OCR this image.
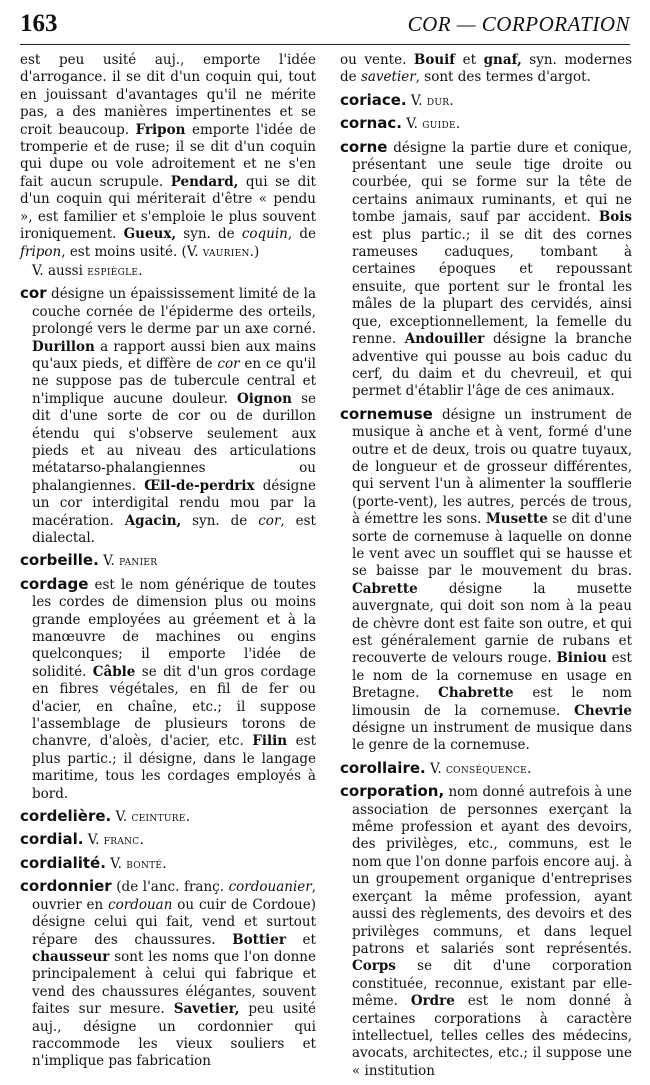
163	COR — CORPORATION

est peu usité auj., emporte l'idée d'arrogance. il se dit d'un coquin qui, tout en jouissant d'avantages qu'il ne mérite pas, a des manières impertinentes et se croit beaucoup. Fripon emporte l'idée de tromperie et de ruse; il se dit d'un coquin qui dupe ou vole adroitement et ne s'en fait aucun scrupule. Pendard, qui se dit d'un coquin qui mériterait d'être « pendu », est familier et s'emploie le plus souvent ironiquement. Gueux, syn. de coquin, de fripon, est moins usité. (V. vaurien.)
V. aussi espiègle.

cor désigne un épaississement limité de la couche cornée de l'épiderme des orteils, prolongé vers le derme par un axe corné. Durillon a rapport aussi bien aux mains qu'aux pieds, et diffère de cor en ce qu'il ne suppose pas de tubercule central et n'implique aucune douleur. Oignon se dit d'une sorte de cor ou de durillon étendu qui s'observe seulement aux pieds et au niveau des articulations métatarso-phalangiennes ou phalangiennes. Œil-de-perdrix désigne un cor interdigital rendu mou par la macération. Agacin, syn. de cor, est dialectal.

corbeille. V. panier

cordage est le nom générique de toutes les cordes de dimension plus ou moins grande employées au gréement et à la manœuvre de machines ou engins quelconques; il emporte l'idée de solidité. Câble se dit d'un gros cordage en fibres végétales, en fil de fer ou d'acier, en chaîne, etc.; il suppose l'assemblage de plusieurs torons de chanvre, d'aloès, d'acier, etc. Filin est plus partic.; il désigne, dans le langage maritime, tous les cordages employés à bord.

cordelière. V. ceinture.

cordial. V. franc.

cordialité. V. bonté.

cordonnier (de l'anc. franç. cordouanier, ouvrier en cordouan ou cuir de Cordoue) désigne celui qui fait, vend et surtout répare des chaussures. Bottier et chausseur sont les noms que l'on donne principalement à celui qui fabrique et vend des chaussures élégantes, souvent faites sur mesure. Savetier, peu usité auj., désigne un cordonnier qui raccommode les vieux souliers et n'implique pas fabrication

ou vente. Bouif et gnaf, syn. modernes de savetier, sont des termes d'argot.

coriace. V. dur.

cornac. V. guide.

corne désigne la partie dure et conique, présentant une seule tige droite ou courbée, qui se forme sur la tête de certains animaux ruminants, et qui ne tombe jamais, sauf par accident. Bois est plus partic.; il se dit des cornes rameuses caduques, tombant à certaines époques et repoussant ensuite, que portent sur le frontal les mâles de la plupart des cervidés, ainsi que, exceptionnellement, la femelle du renne. Andouiller désigne la branche adventive qui pousse au bois caduc du cerf, du daim et du chevreuil, et qui permet d'établir l'âge de ces animaux.

cornemuse désigne un instrument de musique à anche et à vent, formé d'une outre et de deux, trois ou quatre tuyaux, de longueur et de grosseur différentes, qui servent l'un à alimenter la soufflerie (porte-vent), les autres, percés de trous, à émettre les sons. Musette se dit d'une sorte de cornemuse à laquelle on donne le vent avec un soufflet qui se hausse et se baisse par le mouvement du bras. Cabrette désigne la musette auvergnate, qui doit son nom à la peau de chèvre dont est faite son outre, et qui est généralement garnie de rubans et recouverte de velours rouge. Biniou est le nom de la cornemuse en usage en Bretagne. Chabrette est le nom limousin de la cornemuse. Chevrie désigne un instrument de musique dans le genre de la cornemuse.

corollaire. V. conséquence.

corporation, nom donné autrefois à une association de personnes exerçant la même profession et ayant des devoirs, des privilèges, etc., communs, est le nom que l'on donne parfois encore auj. à un groupement organique d'entreprises exerçant la même profession, ayant aussi des règlements, des devoirs et des privilèges communs, et dans lequel patrons et salariés sont représentés. Corps se dit d'une corporation constituée, reconnue, existant par elle-même. Ordre est le nom donné à certaines corporations à caractère intellectuel, telles celles des médecins, avocats, architectes, etc.; il suppose une « institution
